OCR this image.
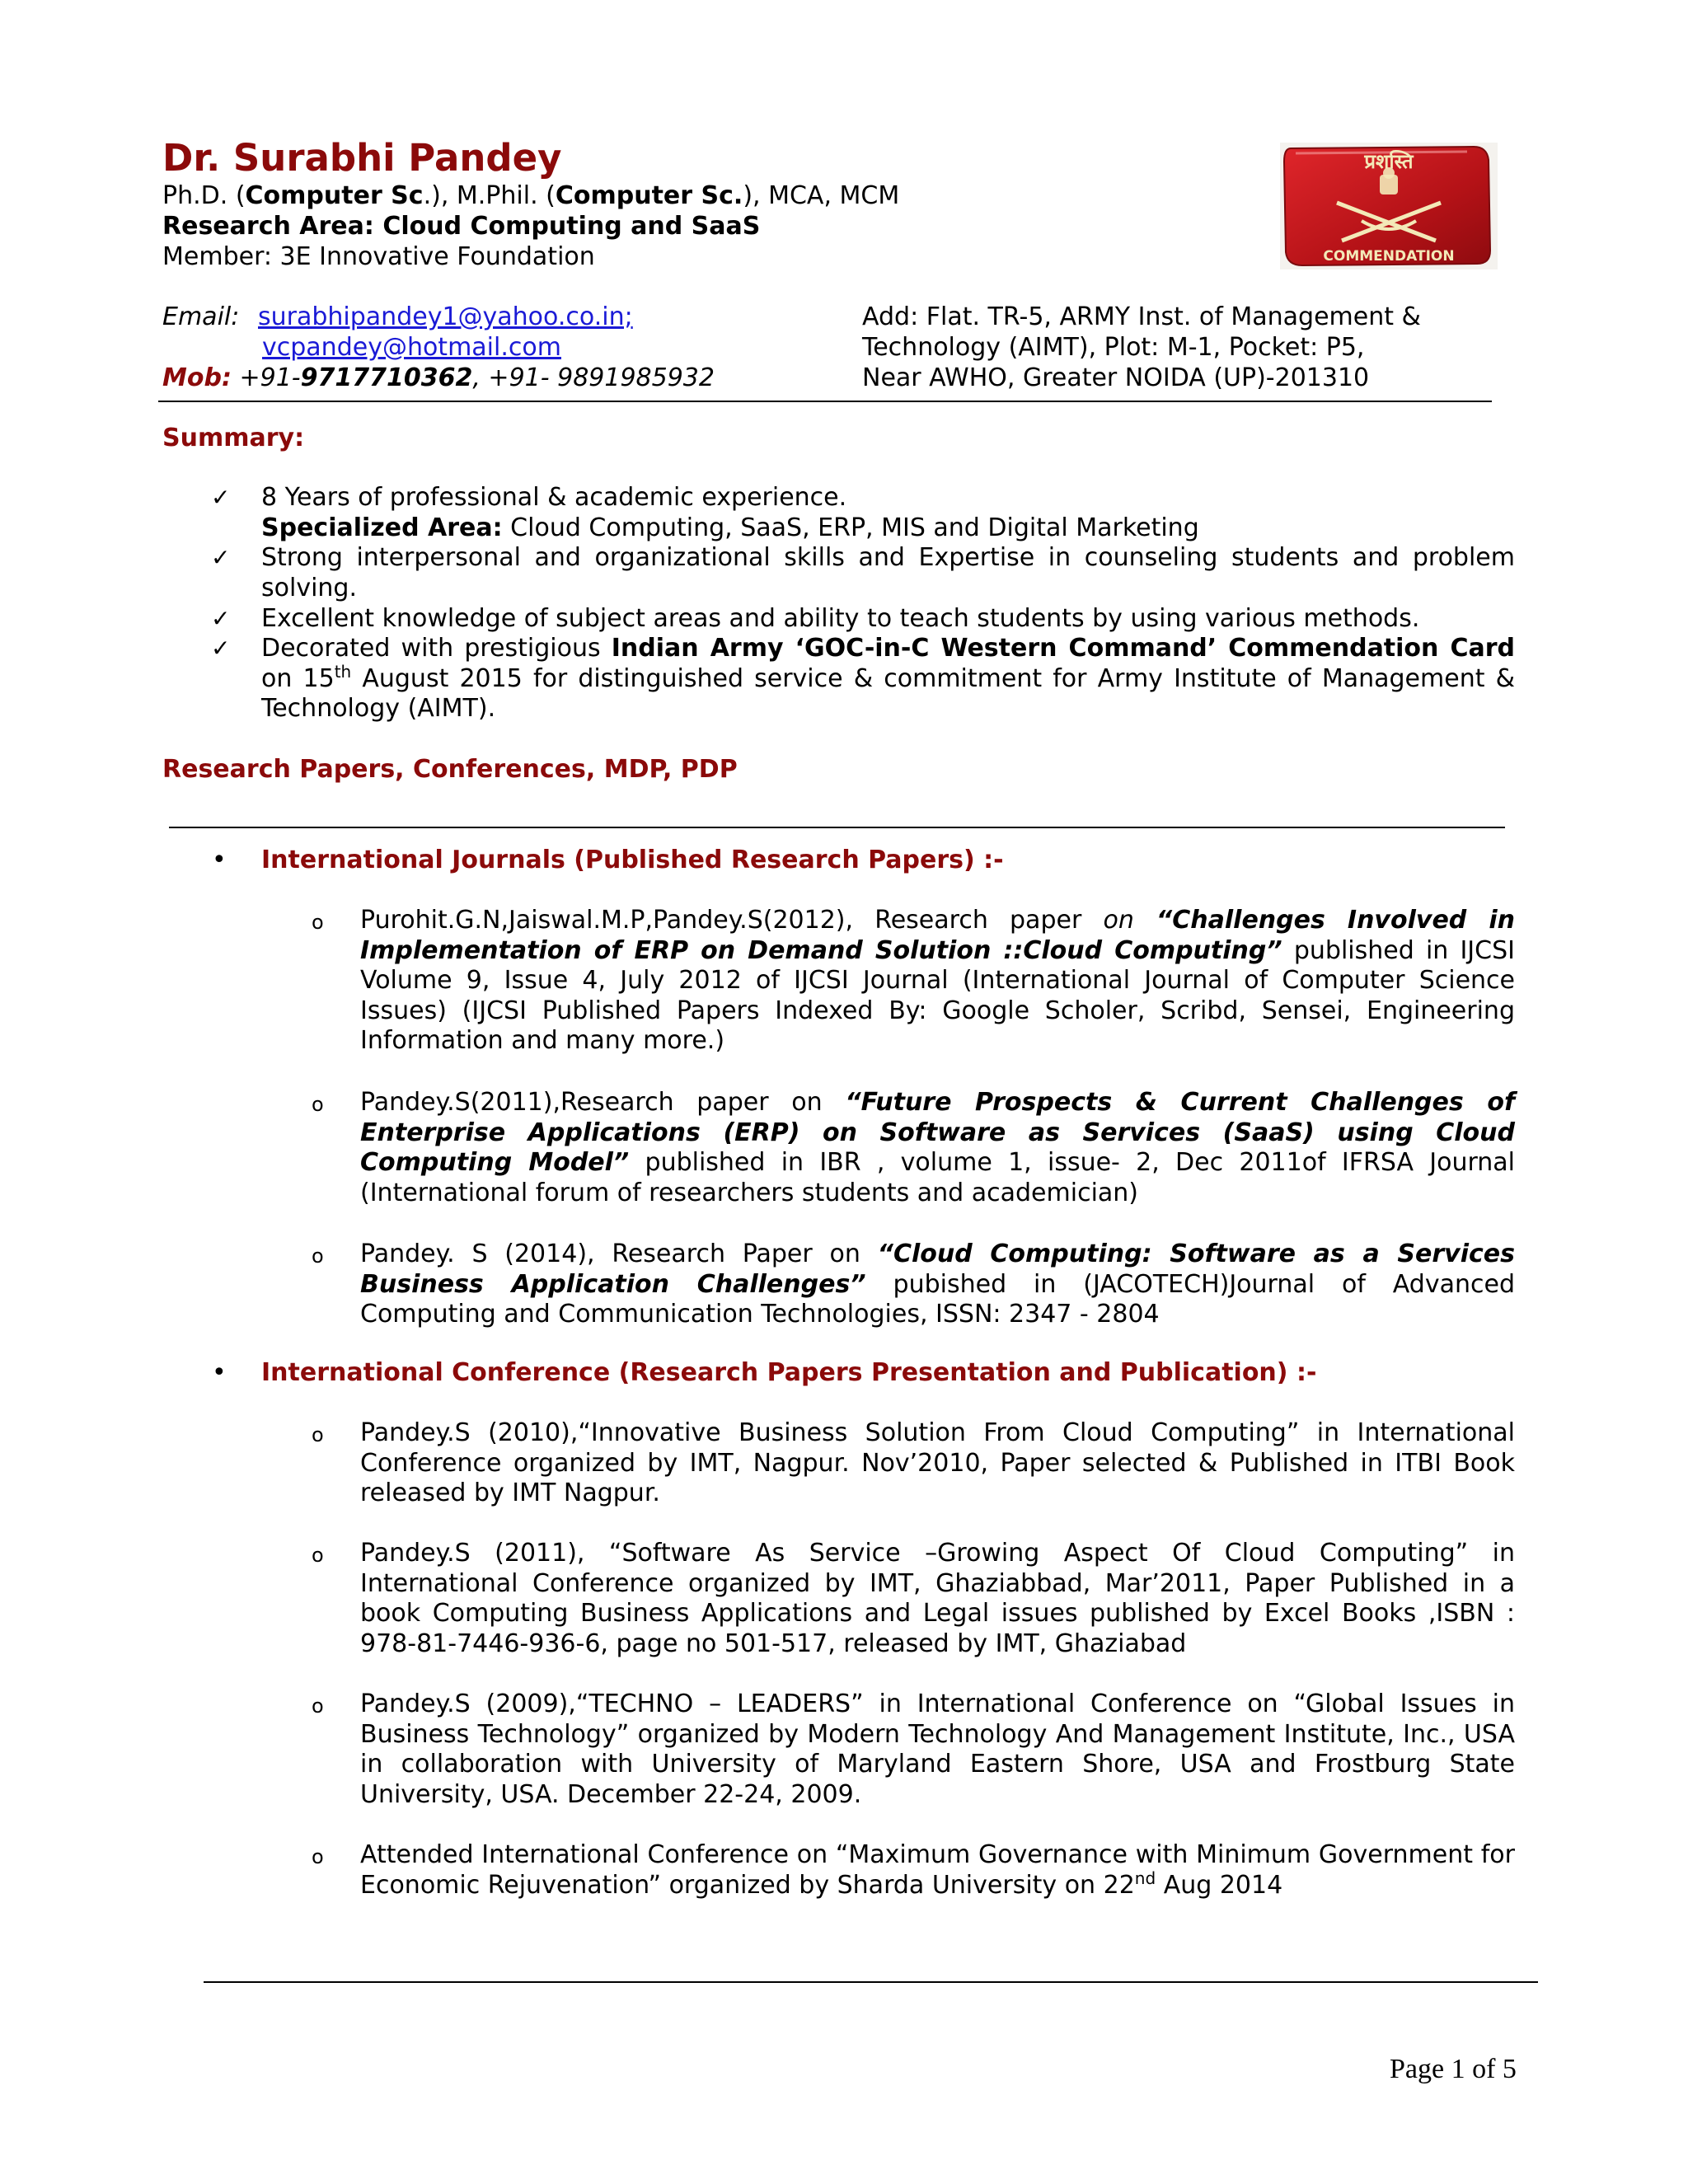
Dr. Surabhi Pandey
Ph.D. (Computer Sc.), M.Phil. (Computer Sc.), MCA, MCM
Research Area: Cloud Computing and SaaS
Member: 3E Innovative Foundation
प्रशस्ति
COMMENDATION
Email: surabhipandey1@yahoo.co.in;
vcpandey@hotmail.com
Mob: +91-9717710362, +91- 9891985932
Add: Flat. TR-5, ARMY Inst. of Management &
Technology (AIMT), Plot: M-1, Pocket: P5,
Near AWHO, Greater NOIDA (UP)-201310
Summary:
✓ 8 Years of professional & academic experience.
Specialized Area: Cloud Computing, SaaS, ERP, MIS and Digital Marketing
✓ Strong interpersonal and organizational skills and Expertise in counseling students and problem solving.
✓ Excellent knowledge of subject areas and ability to teach students by using various methods.
✓ Decorated with prestigious Indian Army ‘GOC-in-C Western Command’ Commendation Card on 15th August 2015 for distinguished service & commitment for Army Institute of Management & Technology (AIMT).
Research Papers, Conferences, MDP, PDP
• International Journals (Published Research Papers) :-
o Purohit.G.N,Jaiswal.M.P,Pandey.S(2012), Research paper on “Challenges Involved in Implementation of ERP on Demand Solution ::Cloud Computing” published in IJCSI Volume 9, Issue 4, July 2012 of IJCSI Journal (International Journal of Computer Science Issues) (IJCSI Published Papers Indexed By: Google Scholer, Scribd, Sensei, Engineering Information and many more.)
o Pandey.S(2011),Research paper on “Future Prospects & Current Challenges of Enterprise Applications (ERP) on Software as Services (SaaS) using Cloud Computing Model” published in IBR , volume 1, issue- 2, Dec 2011of IFRSA Journal (International forum of researchers students and academician)
o Pandey. S (2014), Research Paper on “Cloud Computing: Software as a Services Business Application Challenges” pubished in (JACOTECH)Journal of Advanced Computing and Communication Technologies, ISSN: 2347 - 2804
• International Conference (Research Papers Presentation and Publication) :-
o Pandey.S (2010),“Innovative Business Solution From Cloud Computing” in International Conference organized by IMT, Nagpur. Nov’2010, Paper selected & Published in ITBI Book released by IMT Nagpur.
o Pandey.S (2011), “Software As Service –Growing Aspect Of Cloud Computing” in International Conference organized by IMT, Ghaziabbad, Mar’2011, Paper Published in a book Computing Business Applications and Legal issues published by Excel Books ,ISBN : 978-81-7446-936-6, page no 501-517, released by IMT, Ghaziabad
o Pandey.S (2009),“TECHNO – LEADERS” in International Conference on “Global Issues in Business Technology” organized by Modern Technology And Management Institute, Inc., USA in collaboration with University of Maryland Eastern Shore, USA and Frostburg State University, USA. December 22-24, 2009.
o Attended International Conference on “Maximum Governance with Minimum Government for Economic Rejuvenation” organized by Sharda University on 22nd Aug 2014
Page 1 of 5
